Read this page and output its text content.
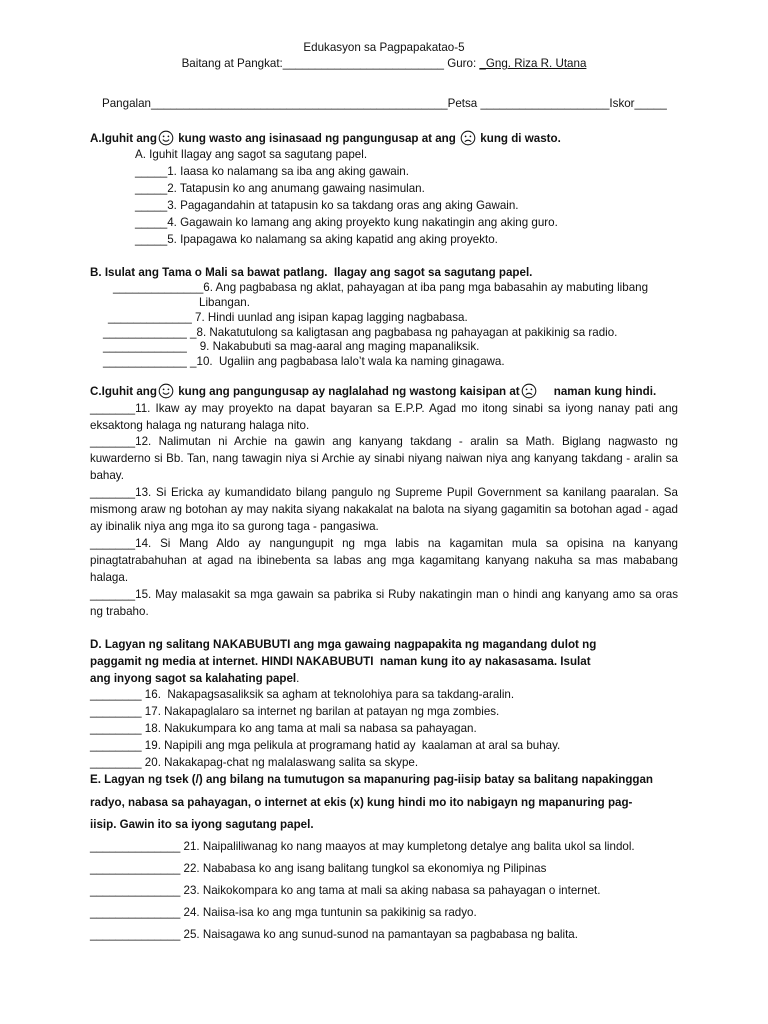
Edukasyon sa Pagpapakatao-5
Baitang at Pangkat:_________________________ Guro: _Gng. Riza R. Utana
Pangalan______________________________________________Petsa ____________________Iskor_____
A.Iguhit ang kung wasto ang isinasaad ng pangungusap at ang  kung di wasto.
A. Iguhit Ilagay ang sagot sa sagutang papel.
_____1. Iaasa ko nalamang sa iba ang aking gawain.
_____2. Tatapusin ko ang anumang gawaing nasimulan.
_____3. Pagagandahin at tatapusin ko sa takdang oras ang aking Gawain.
_____4. Gagawain ko lamang ang aking proyekto kung nakatingin ang aking guro.
_____5. Ipapagawa ko nalamang sa aking kapatid ang aking proyekto.
B. Isulat ang Tama o Mali sa bawat patlang.  Ilagay ang sagot sa sagutang papel.
______________6. Ang pagbabasa ng aklat, pahayagan at iba pang mga babasahin ay mabuting libang
Libangan.
_____________ 7. Hindi uunlad ang isipan kapag lagging nagbabasa.
_____________ _8. Nakatutulong sa kaligtasan ang pagbabasa ng pahayagan at pakikinig sa radio.
_____________    9. Nakabubuti sa mag-aaral ang maging mapanaliksik.
_____________ _10.  Ugaliin ang pagbabasa lalo’t wala ka naming ginagawa.
C.Iguhit ang kung ang pangungusap ay naglalahad ng wastong kaisipan at     naman kung hindi.
_______11. Ikaw ay may proyekto na dapat bayaran sa E.P.P. Agad mo itong sinabi sa iyong nanay pati ang eksaktong halaga ng naturang halaga nito.
_______12. Nalimutan ni Archie na gawin ang kanyang takdang - aralin sa Math. Biglang nagwasto ng kuwarderno si Bb. Tan, nang tawagin niya si Archie ay sinabi niyang naiwan niya ang kanyang takdang - aralin sa bahay.
_______13. Si Ericka ay kumandidato bilang pangulo ng Supreme Pupil Government sa kanilang paaralan. Sa mismong araw ng botohan ay may nakita siyang nakakalat na balota na siyang gagamitin sa botohan agad - agad ay ibinalik niya ang mga ito sa gurong taga - pangasiwa.
_______14. Si Mang Aldo ay nangungupit ng mga labis na kagamitan mula sa opisina na kanyang pinagtatrabahuhan at agad na ibinebenta sa labas ang mga kagamitang kanyang nakuha sa mas mababang halaga.
_______15. May malasakit sa mga gawain sa pabrika si Ruby nakatingin man o hindi ang kanyang amo sa oras ng trabaho.
D. Lagyan ng salitang NAKABUBUTI ang mga gawaing nagpapakita ng magandang dulot ng
paggamit ng media at internet. HINDI NAKABUBUTI  naman kung ito ay nakasasama. Isulat
ang inyong sagot sa kalahating papel.
________ 16.  Nakapagsasaliksik sa agham at teknolohiya para sa takdang-aralin.
________ 17. Nakapaglalaro sa internet ng barilan at patayan ng mga zombies.
________ 18. Nakukumpara ko ang tama at mali sa nabasa sa pahayagan.
________ 19. Napipili ang mga pelikula at programang hatid ay  kaalaman at aral sa buhay.
________ 20. Nakakapag-chat ng malalaswang salita sa skype.
E. Lagyan ng tsek (/) ang bilang na tumutugon sa mapanuring pag-iisip batay sa balitang napakinggan
radyo, nabasa sa pahayagan, o internet at ekis (x) kung hindi mo ito nabigayn ng mapanuring pag-
iisip. Gawin ito sa iyong sagutang papel.
______________ 21. Naipaliliwanag ko nang maayos at may kumpletong detalye ang balita ukol sa lindol.
______________ 22. Nababasa ko ang isang balitang tungkol sa ekonomiya ng Pilipinas
______________ 23. Naikokompara ko ang tama at mali sa aking nabasa sa pahayagan o internet.
______________ 24. Naiisa-isa ko ang mga tuntunin sa pakikinig sa radyo.
______________ 25. Naisagawa ko ang sunud-sunod na pamantayan sa pagbabasa ng balita.
